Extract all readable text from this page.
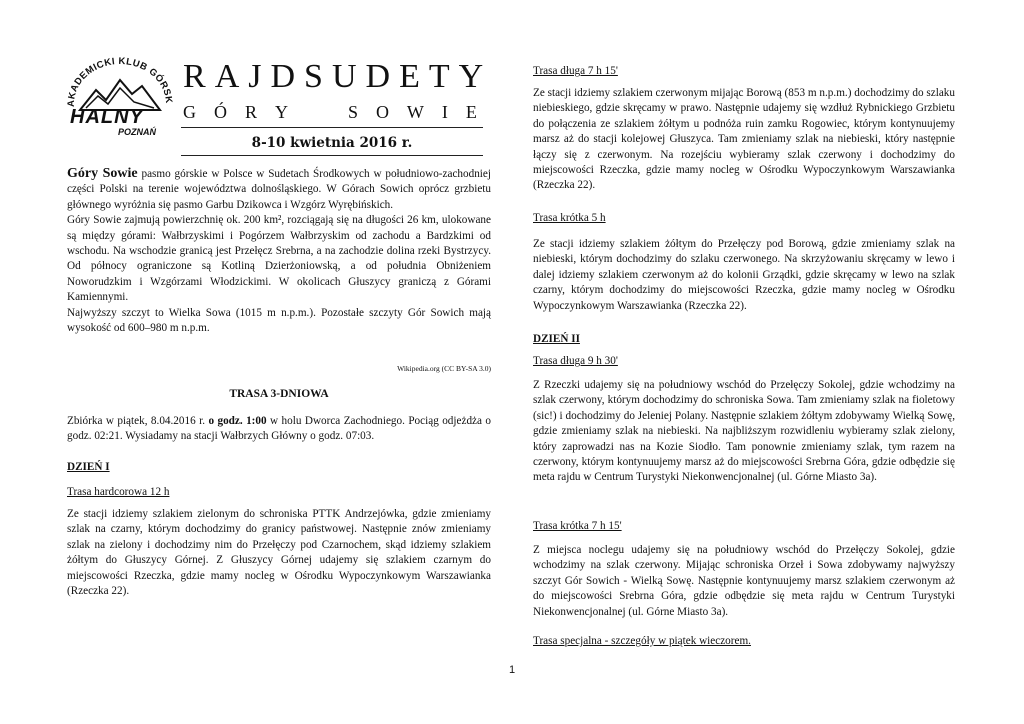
AKADEMICKI KLUB GÓRSK
HALNY
POZNAŃ
R A J D S U D E T Y
G Ó R Y	S O W I E
8-10 kwietnia 2016 r.

Góry Sowie pasmo górskie w Polsce w Sudetach Środkowych w południowo-zachodniej części Polski na terenie województwa dolnośląskiego. W Górach Sowich oprócz grzbietu głównego wyróżnia się pasmo Garbu Dzikowca i Wzgórz Wyrębińskich.

Góry Sowie zajmują powierzchnię ok. 200 km², rozciągają się na długości 26 km, ulokowane są między górami: Wałbrzyskimi i Pogórzem Wałbrzyskim od zachodu a Bardzkimi od wschodu. Na wschodzie granicą jest Przełęcz Srebrna, a na zachodzie dolina rzeki Bystrzycy. Od północy ograniczone są Kotliną Dzierżoniowską, a od południa Obniżeniem Noworudzkim i Wzgórzami Włodzickimi. W okolicach Głuszycy graniczą z Górami Kamiennymi.

Najwyższy szczyt to Wielka Sowa (1015 m n.p.m.). Pozostałe szczyty Gór Sowich mają wysokość od 600–980 m n.p.m.

Wikipedia.org (CC BY-SA 3.0)
TRASA 3-DNIOWA

Zbiórka w piątek, 8.04.2016 r. o godz. 1:00 w holu Dworca Zachodniego. Pociąg odjeżdża o godz. 02:21. Wysiadamy na stacji Wałbrzych Główny o godz. 07:03.

DZIEŃ I
Trasa hardcorowa 12 h

Ze stacji idziemy szlakiem zielonym do schroniska PTTK Andrzejówka, gdzie zmieniamy szlak na czarny, którym dochodzimy do granicy państwowej. Następnie znów zmieniamy szlak na zielony i dochodzimy nim do Przełęczy pod Czarnochem, skąd idziemy szlakiem żółtym do Głuszycy Górnej. Z Głuszycy Górnej udajemy się szlakiem czarnym do miejscowości Rzeczka, gdzie mamy nocleg w Ośrodku Wypoczynkowym Warszawianka (Rzeczka 22).

Trasa długa 7 h 15'

Ze stacji idziemy szlakiem czerwonym mijając Borową (853 m n.p.m.) dochodzimy do szlaku niebieskiego, gdzie skręcamy w prawo. Następnie udajemy się wzdłuż Rybnickiego Grzbietu do połączenia ze szlakiem żółtym u podnóża ruin zamku Rogowiec, którym kontynuujemy marsz aż do stacji kolejowej Głuszyca. Tam zmieniamy szlak na niebieski, który następnie łączy się z czerwonym. Na rozejściu wybieramy szlak czerwony i dochodzimy do miejscowości Rzeczka, gdzie mamy nocleg w Ośrodku Wypoczynkowym Warszawianka (Rzeczka 22).

Trasa krótka 5 h

Ze stacji idziemy szlakiem żółtym do Przełęczy pod Borową, gdzie zmieniamy szlak na niebieski, którym dochodzimy do szlaku czerwonego. Na skrzyżowaniu skręcamy w lewo i dalej idziemy szlakiem czerwonym aż do kolonii Grządki, gdzie skręcamy w lewo na szlak czarny, którym dochodzimy do miejscowości Rzeczka, gdzie mamy nocleg w Ośrodku Wypoczynkowym Warszawianka (Rzeczka 22).

DZIEŃ II
Trasa długa 9 h 30'

Z Rzeczki udajemy się na południowy wschód do Przełęczy Sokolej, gdzie wchodzimy na szlak czerwony, którym dochodzimy do schroniska Sowa. Tam zmieniamy szlak na fioletowy (sic!) i dochodzimy do Jeleniej Polany. Następnie szlakiem żółtym zdobywamy Wielką Sowę, gdzie zmieniamy szlak na niebieski. Na najbliższym rozwidleniu wybieramy szlak zielony, który zaprowadzi nas na Kozie Siodło. Tam ponownie zmieniamy szlak, tym razem na czerwony, którym kontynuujemy marsz aż do miejscowości Srebrna Góra, gdzie odbędzie się meta rajdu w Centrum Turystyki Niekonwencjonalnej (ul. Górne Miasto 3a).

Trasa krótka 7 h 15'

Z miejsca noclegu udajemy się na południowy wschód do Przełęczy Sokolej, gdzie wchodzimy na szlak czerwony. Mijając schroniska Orzeł i Sowa zdobywamy najwyższy szczyt Gór Sowich - Wielką Sowę. Następnie kontynuujemy marsz szlakiem czerwonym aż do miejscowości Srebrna Góra, gdzie odbędzie się meta rajdu w Centrum Turystyki Niekonwencjonalnej (ul. Górne Miasto 3a).

Trasa specjalna - szczegóły w piątek wieczorem.
1
